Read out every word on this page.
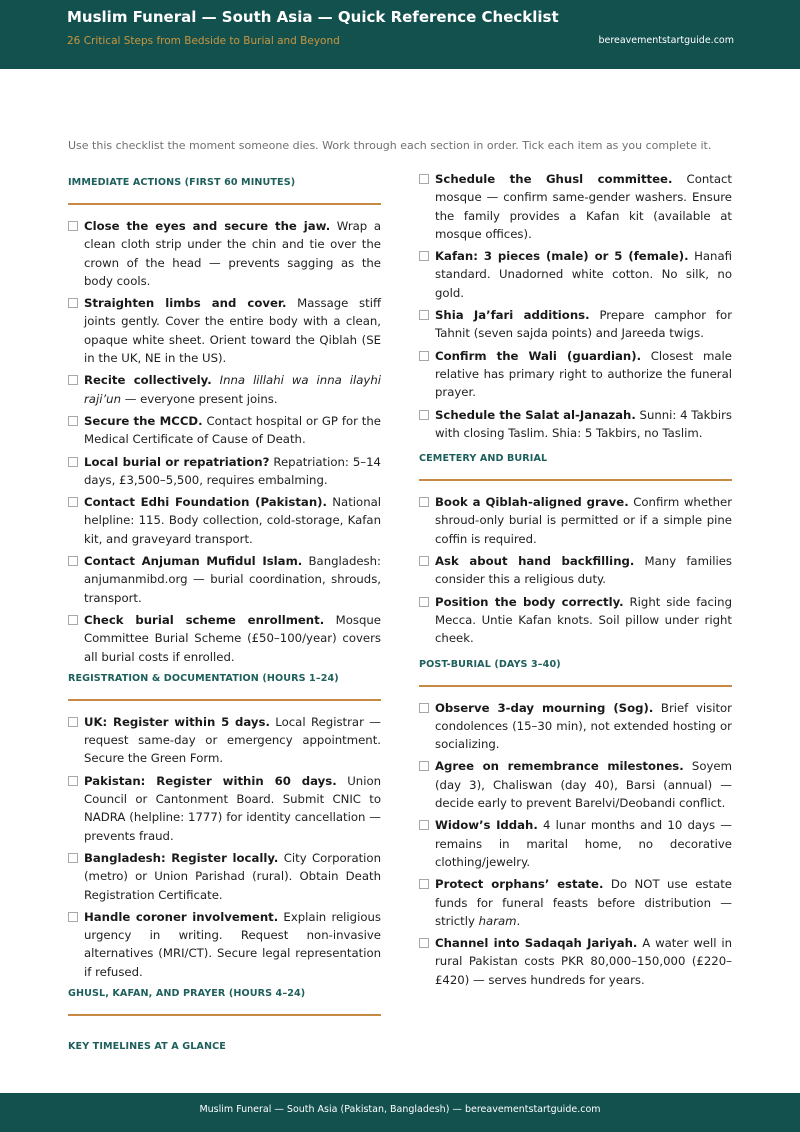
Muslim Funeral — South Asia — Quick Reference Checklist
26 Critical Steps from Bedside to Burial and Beyond	bereavementstartguide.com
Use this checklist the moment someone dies. Work through each section in order. Tick each item as you complete it.
IMMEDIATE ACTIONS (FIRST 60 MINUTES)
Close the eyes and secure the jaw. Wrap a clean cloth strip under the chin and tie over the crown of the head — prevents sagging as the body cools.
Straighten limbs and cover. Massage stiff joints gently. Cover the entire body with a clean, opaque white sheet. Orient toward the Qiblah (SE in the UK, NE in the US).
Recite collectively. Inna lillahi wa inna ilayhi raji’un — everyone present joins.
Secure the MCCD. Contact hospital or GP for the Medical Certificate of Cause of Death.
Local burial or repatriation? Repatriation: 5–14 days, £3,500–5,500, requires embalming.
Contact Edhi Foundation (Pakistan). National helpline: 115. Body collection, cold-storage, Kafan kit, and graveyard transport.
Contact Anjuman Mufidul Islam. Bangladesh: anjumanmibd.org — burial coordination, shrouds, transport.
Check burial scheme enrollment. Mosque Committee Burial Scheme (£50–100/year) covers all burial costs if enrolled.
REGISTRATION & DOCUMENTATION (HOURS 1–24)
UK: Register within 5 days. Local Registrar — request same-day or emergency appointment. Secure the Green Form.
Pakistan: Register within 60 days. Union Council or Cantonment Board. Submit CNIC to NADRA (helpline: 1777) for identity cancellation — prevents fraud.
Bangladesh: Register locally. City Corporation (metro) or Union Parishad (rural). Obtain Death Registration Certificate.
Handle coroner involvement. Explain religious urgency in writing. Request non-invasive alternatives (MRI/CT). Secure legal representation if refused.
GHUSL, KAFAN, AND PRAYER (HOURS 4–24)
KEY TIMELINES AT A GLANCE
Schedule the Ghusl committee. Contact mosque — confirm same-gender washers. Ensure the family provides a Kafan kit (available at mosque offices).
Kafan: 3 pieces (male) or 5 (female). Hanafi standard. Unadorned white cotton. No silk, no gold.
Shia Ja’fari additions. Prepare camphor for Tahnit (seven sajda points) and Jareeda twigs.
Confirm the Wali (guardian). Closest male relative has primary right to authorize the funeral prayer.
Schedule the Salat al-Janazah. Sunni: 4 Takbirs with closing Taslim. Shia: 5 Takbirs, no Taslim.
CEMETERY AND BURIAL
Book a Qiblah-aligned grave. Confirm whether shroud-only burial is permitted or if a simple pine coffin is required.
Ask about hand backfilling. Many families consider this a religious duty.
Position the body correctly. Right side facing Mecca. Untie Kafan knots. Soil pillow under right cheek.
POST-BURIAL (DAYS 3–40)
Observe 3-day mourning (Sog). Brief visitor condolences (15–30 min), not extended hosting or socializing.
Agree on remembrance milestones. Soyem (day 3), Chaliswan (day 40), Barsi (annual) — decide early to prevent Barelvi/Deobandi conflict.
Widow’s Iddah. 4 lunar months and 10 days — remains in marital home, no decorative clothing/jewelry.
Protect orphans’ estate. Do NOT use estate funds for funeral feasts before distribution — strictly haram.
Channel into Sadaqah Jariyah. A water well in rural Pakistan costs PKR 80,000–150,000 (£220–£420) — serves hundreds for years.
Muslim Funeral — South Asia (Pakistan, Bangladesh) — bereavementstartguide.com
